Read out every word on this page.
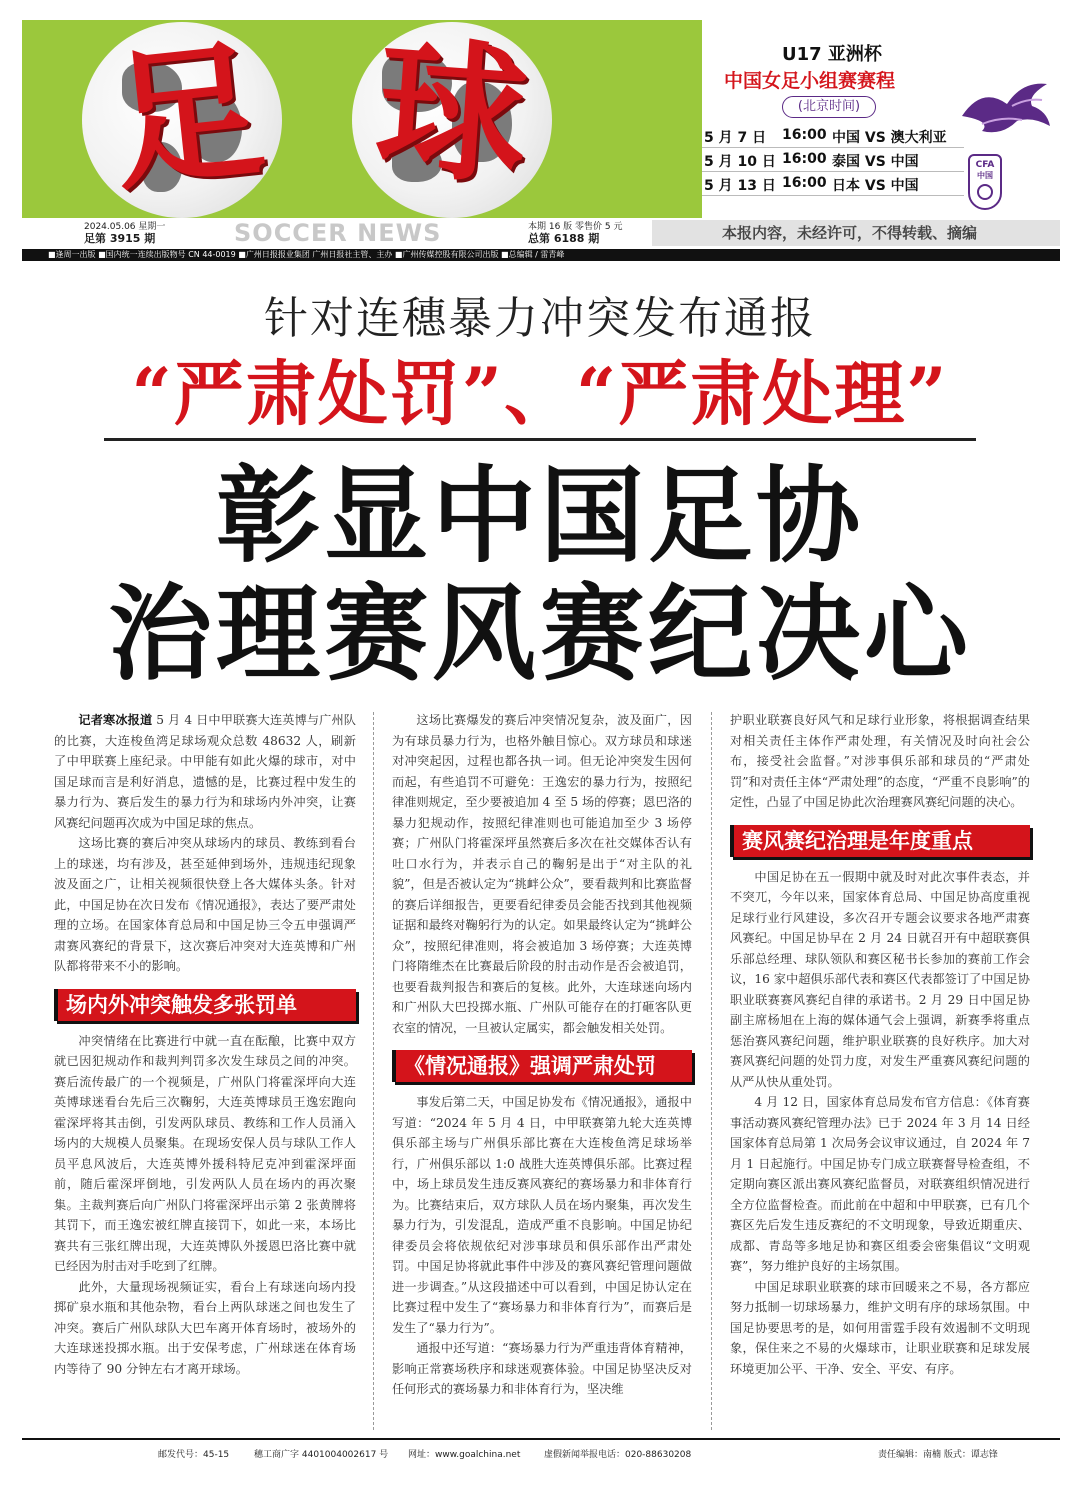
足 球	U17 亚洲杯
中国女足小组赛赛程
(北京时间)
5 月 7 日 16:00 中国 VS 澳大利亚
5 月 10 日 16:00 泰国 VS 中国
5 月 13 日 16:00 日本 VS 中国
CFA
中国
2024.05.06 星期一
足第 3915 期	SOCCER NEWS	本期 16 版 零售价 5 元
总第 6188 期	本报内容，未经许可，不得转载、摘编
■逢周一出版 ■国内统一连续出版物号 CN 44-0019 ■广州日报报业集团 广州日报社主管、主办 ■广州传媒控股有限公司出版 ■总编辑 / 雷青峰
针对连穗暴力冲突发布通报
“严肃处罚”、“严肃处理”
彰显中国足协
治理赛风赛纪决心

记者寒冰报道 5 月 4 日中甲联赛大连英博与广州队的比赛，大连梭鱼湾足球场观众总数 48632 人，刷新了中甲联赛上座纪录。中甲能有如此火爆的球市，对中国足球而言是利好消息，遗憾的是，比赛过程中发生的暴力行为、赛后发生的暴力行为和球场内外冲突，让赛风赛纪问题再次成为中国足球的焦点。

这场比赛的赛后冲突从球场内的球员、教练到看台上的球迷，均有涉及，甚至延伸到场外，违规违纪现象波及面之广，让相关视频很快登上各大媒体头条。针对此，中国足协在次日发布《情况通报》，表达了要严肃处理的立场。在国家体育总局和中国足协三令五申强调严肃赛风赛纪的背景下，这次赛后冲突对大连英博和广州队都将带来不小的影响。

场内外冲突触发多张罚单

冲突情绪在比赛进行中就一直在酝酿，比赛中双方就已因犯规动作和裁判判罚多次发生球员之间的冲突。赛后流传最广的一个视频是，广州队门将霍深坪向大连英博球迷看台先后三次鞠躬，大连英博球员王逸宏跑向霍深坪将其击倒，引发两队球员、教练和工作人员涌入场内的大规模人员聚集。在现场安保人员与球队工作人员平息风波后，大连英博外援科特尼克冲到霍深坪面前，随后霍深坪倒地，引发两队人员在场内的再次聚集。主裁判赛后向广州队门将霍深坪出示第 2 张黄牌将其罚下，而王逸宏被红牌直接罚下，如此一来，本场比赛共有三张红牌出现，大连英博队外援恩巴洛比赛中就已经因为肘击对手吃到了红牌。

此外，大量现场视频证实，看台上有球迷向场内投掷矿泉水瓶和其他杂物，看台上两队球迷之间也发生了冲突。赛后广州队球队大巴车离开体育场时，被场外的大连球迷投掷水瓶。出于安保考虑，广州球迷在体育场内等待了 90 分钟左右才离开球场。

这场比赛爆发的赛后冲突情况复杂，波及面广，因为有球员暴力行为，也格外触目惊心。双方球员和球迷对冲突起因，过程也都各执一词。但无论冲突发生因何而起，有些追罚不可避免：王逸宏的暴力行为，按照纪律准则规定，至少要被追加 4 至 5 场的停赛；恩巴洛的暴力犯规动作，按照纪律准则也可能追加至少 3 场停赛；广州队门将霍深坪虽然赛后多次在社交媒体否认有吐口水行为，并表示自己的鞠躬是出于“对主队的礼貌”，但是否被认定为“挑衅公众”，要看裁判和比赛监督的赛后详细报告，更要看纪律委员会能否找到其他视频证据和最终对鞠躬行为的认定。如果最终认定为“挑衅公众”，按照纪律准则，将会被追加 3 场停赛；大连英博门将隋维杰在比赛最后阶段的肘击动作是否会被追罚，也要看裁判报告和赛后的复核。此外，大连球迷向场内和广州队大巴投掷水瓶、广州队可能存在的打砸客队更衣室的情况，一旦被认定属实，都会触发相关处罚。

《情况通报》强调严肃处罚

事发后第二天，中国足协发布《情况通报》，通报中写道：“2024 年 5 月 4 日，中甲联赛第九轮大连英博俱乐部主场与广州俱乐部比赛在大连梭鱼湾足球场举行，广州俱乐部以 1:0 战胜大连英博俱乐部。比赛过程中，场上球员发生违反赛风赛纪的赛场暴力和非体育行为。比赛结束后，双方球队人员在场内聚集，再次发生暴力行为，引发混乱，造成严重不良影响。中国足协纪律委员会将依规依纪对涉事球员和俱乐部作出严肃处罚。中国足协将就此事件中涉及的赛风赛纪管理问题做进一步调查。”从这段描述中可以看到，中国足协认定在比赛过程中发生了“赛场暴力和非体育行为”，而赛后是发生了“暴力行为”。

通报中还写道：“赛场暴力行为严重违背体育精神，影响正常赛场秩序和球迷观赛体验。中国足协坚决反对任何形式的赛场暴力和非体育行为，坚决维

护职业联赛良好风气和足球行业形象，将根据调查结果对相关责任主体作严肃处理，有关情况及时向社会公布，接受社会监督。”对涉事俱乐部和球员的“严肃处罚”和对责任主体“严肃处理”的态度，“严重不良影响”的定性，凸显了中国足协此次治理赛风赛纪问题的决心。

赛风赛纪治理是年度重点

中国足协在五一假期中就及时对此次事件表态，并不突兀，今年以来，国家体育总局、中国足协高度重视足球行业行风建设，多次召开专题会议要求各地严肃赛风赛纪。中国足协早在 2 月 24 日就召开有中超联赛俱乐部总经理、球队领队和赛区秘书长参加的赛前工作会议，16 家中超俱乐部代表和赛区代表都签订了中国足协职业联赛赛风赛纪自律的承诺书。2 月 29 日中国足协副主席杨旭在上海的媒体通气会上强调，新赛季将重点惩治赛风赛纪问题，维护职业联赛的良好秩序。加大对赛风赛纪问题的处罚力度，对发生严重赛风赛纪问题的从严从快从重处罚。

4 月 12 日，国家体育总局发布官方信息：《体育赛事活动赛风赛纪管理办法》已于 2024 年 3 月 14 日经国家体育总局第 1 次局务会议审议通过，自 2024 年 7 月 1 日起施行。中国足协专门成立联赛督导检查组，不定期向赛区派出赛风赛纪监督员，对联赛组织情况进行全方位监督检查。而此前在中超和中甲联赛，已有几个赛区先后发生违反赛纪的不文明现象，导致近期重庆、成都、青岛等多地足协和赛区组委会密集倡议“文明观赛”，努力维护良好的主场氛围。

中国足球职业联赛的球市回暖来之不易，各方都应努力抵制一切球场暴力，维护文明有序的球场氛围。中国足协要思考的是，如何用雷霆手段有效遏制不文明现象，保住来之不易的火爆球市，让职业联赛和足球发展环境更加公平、干净、安全、平安、有序。

邮发代号：45-15	穗工商广字 4401004002617 号 网址：www.goalchina.net	虚假新闻举报电话：020-88630208	责任编辑：南楠 版式：谭志锋
